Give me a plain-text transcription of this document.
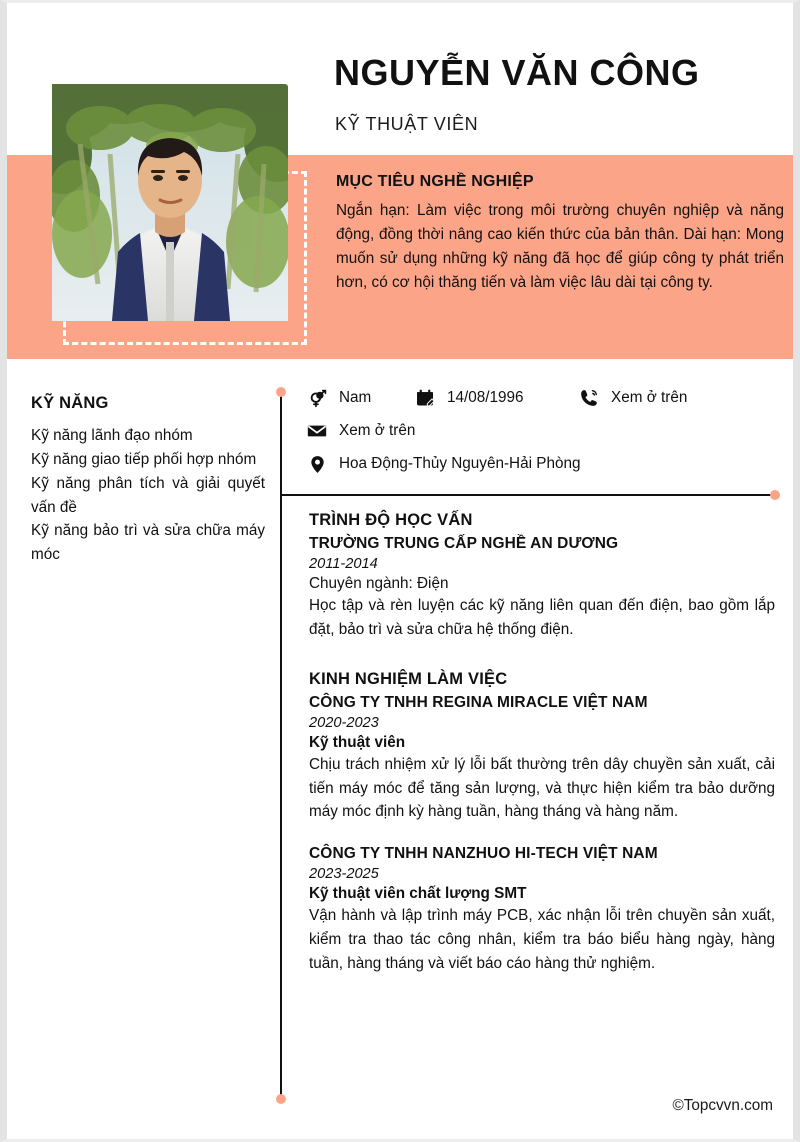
NGUYỄN VĂN CÔNG
KỸ THUẬT VIÊN
MỤC TIÊU NGHỀ NGHIỆP
Ngắn hạn: Làm việc trong môi trường chuyên nghiệp và năng động, đồng thời nâng cao kiến thức của bản thân. Dài hạn: Mong muốn sử dụng những kỹ năng đã học để giúp công ty phát triển hơn, có cơ hội thăng tiến và làm việc lâu dài tại công ty.
KỸ NĂNG
Kỹ năng lãnh đạo nhóm
Kỹ năng giao tiếp phối hợp nhóm
Kỹ năng phân tích và giải quyết vấn đề
Kỹ năng bảo trì và sửa chữa máy móc
Nam	14/08/1996	Xem ở trên
Xem ở trên
Hoa Động-Thủy Nguyên-Hải Phòng
TRÌNH ĐỘ HỌC VẤN
TRƯỜNG TRUNG CẤP NGHỀ AN DƯƠNG
2011-2014
Chuyên ngành: Điện
Học tập và rèn luyện các kỹ năng liên quan đến điện, bao gồm lắp đặt, bảo trì và sửa chữa hệ thống điện.
KINH NGHIỆM LÀM VIỆC
CÔNG TY TNHH REGINA MIRACLE VIỆT NAM
2020-2023
Kỹ thuật viên
Chịu trách nhiệm xử lý lỗi bất thường trên dây chuyền sản xuất, cải tiến máy móc để tăng sản lượng, và thực hiện kiểm tra bảo dưỡng máy móc định kỳ hàng tuần, hàng tháng và hàng năm.
CÔNG TY TNHH NANZHUO HI-TECH VIỆT NAM
2023-2025
Kỹ thuật viên chất lượng SMT
Vận hành và lập trình máy PCB, xác nhận lỗi trên chuyền sản xuất, kiểm tra thao tác công nhân, kiểm tra báo biểu hàng ngày, hàng tuần, hàng tháng và viết báo cáo hàng thử nghiệm.
©Topcvvn.com
